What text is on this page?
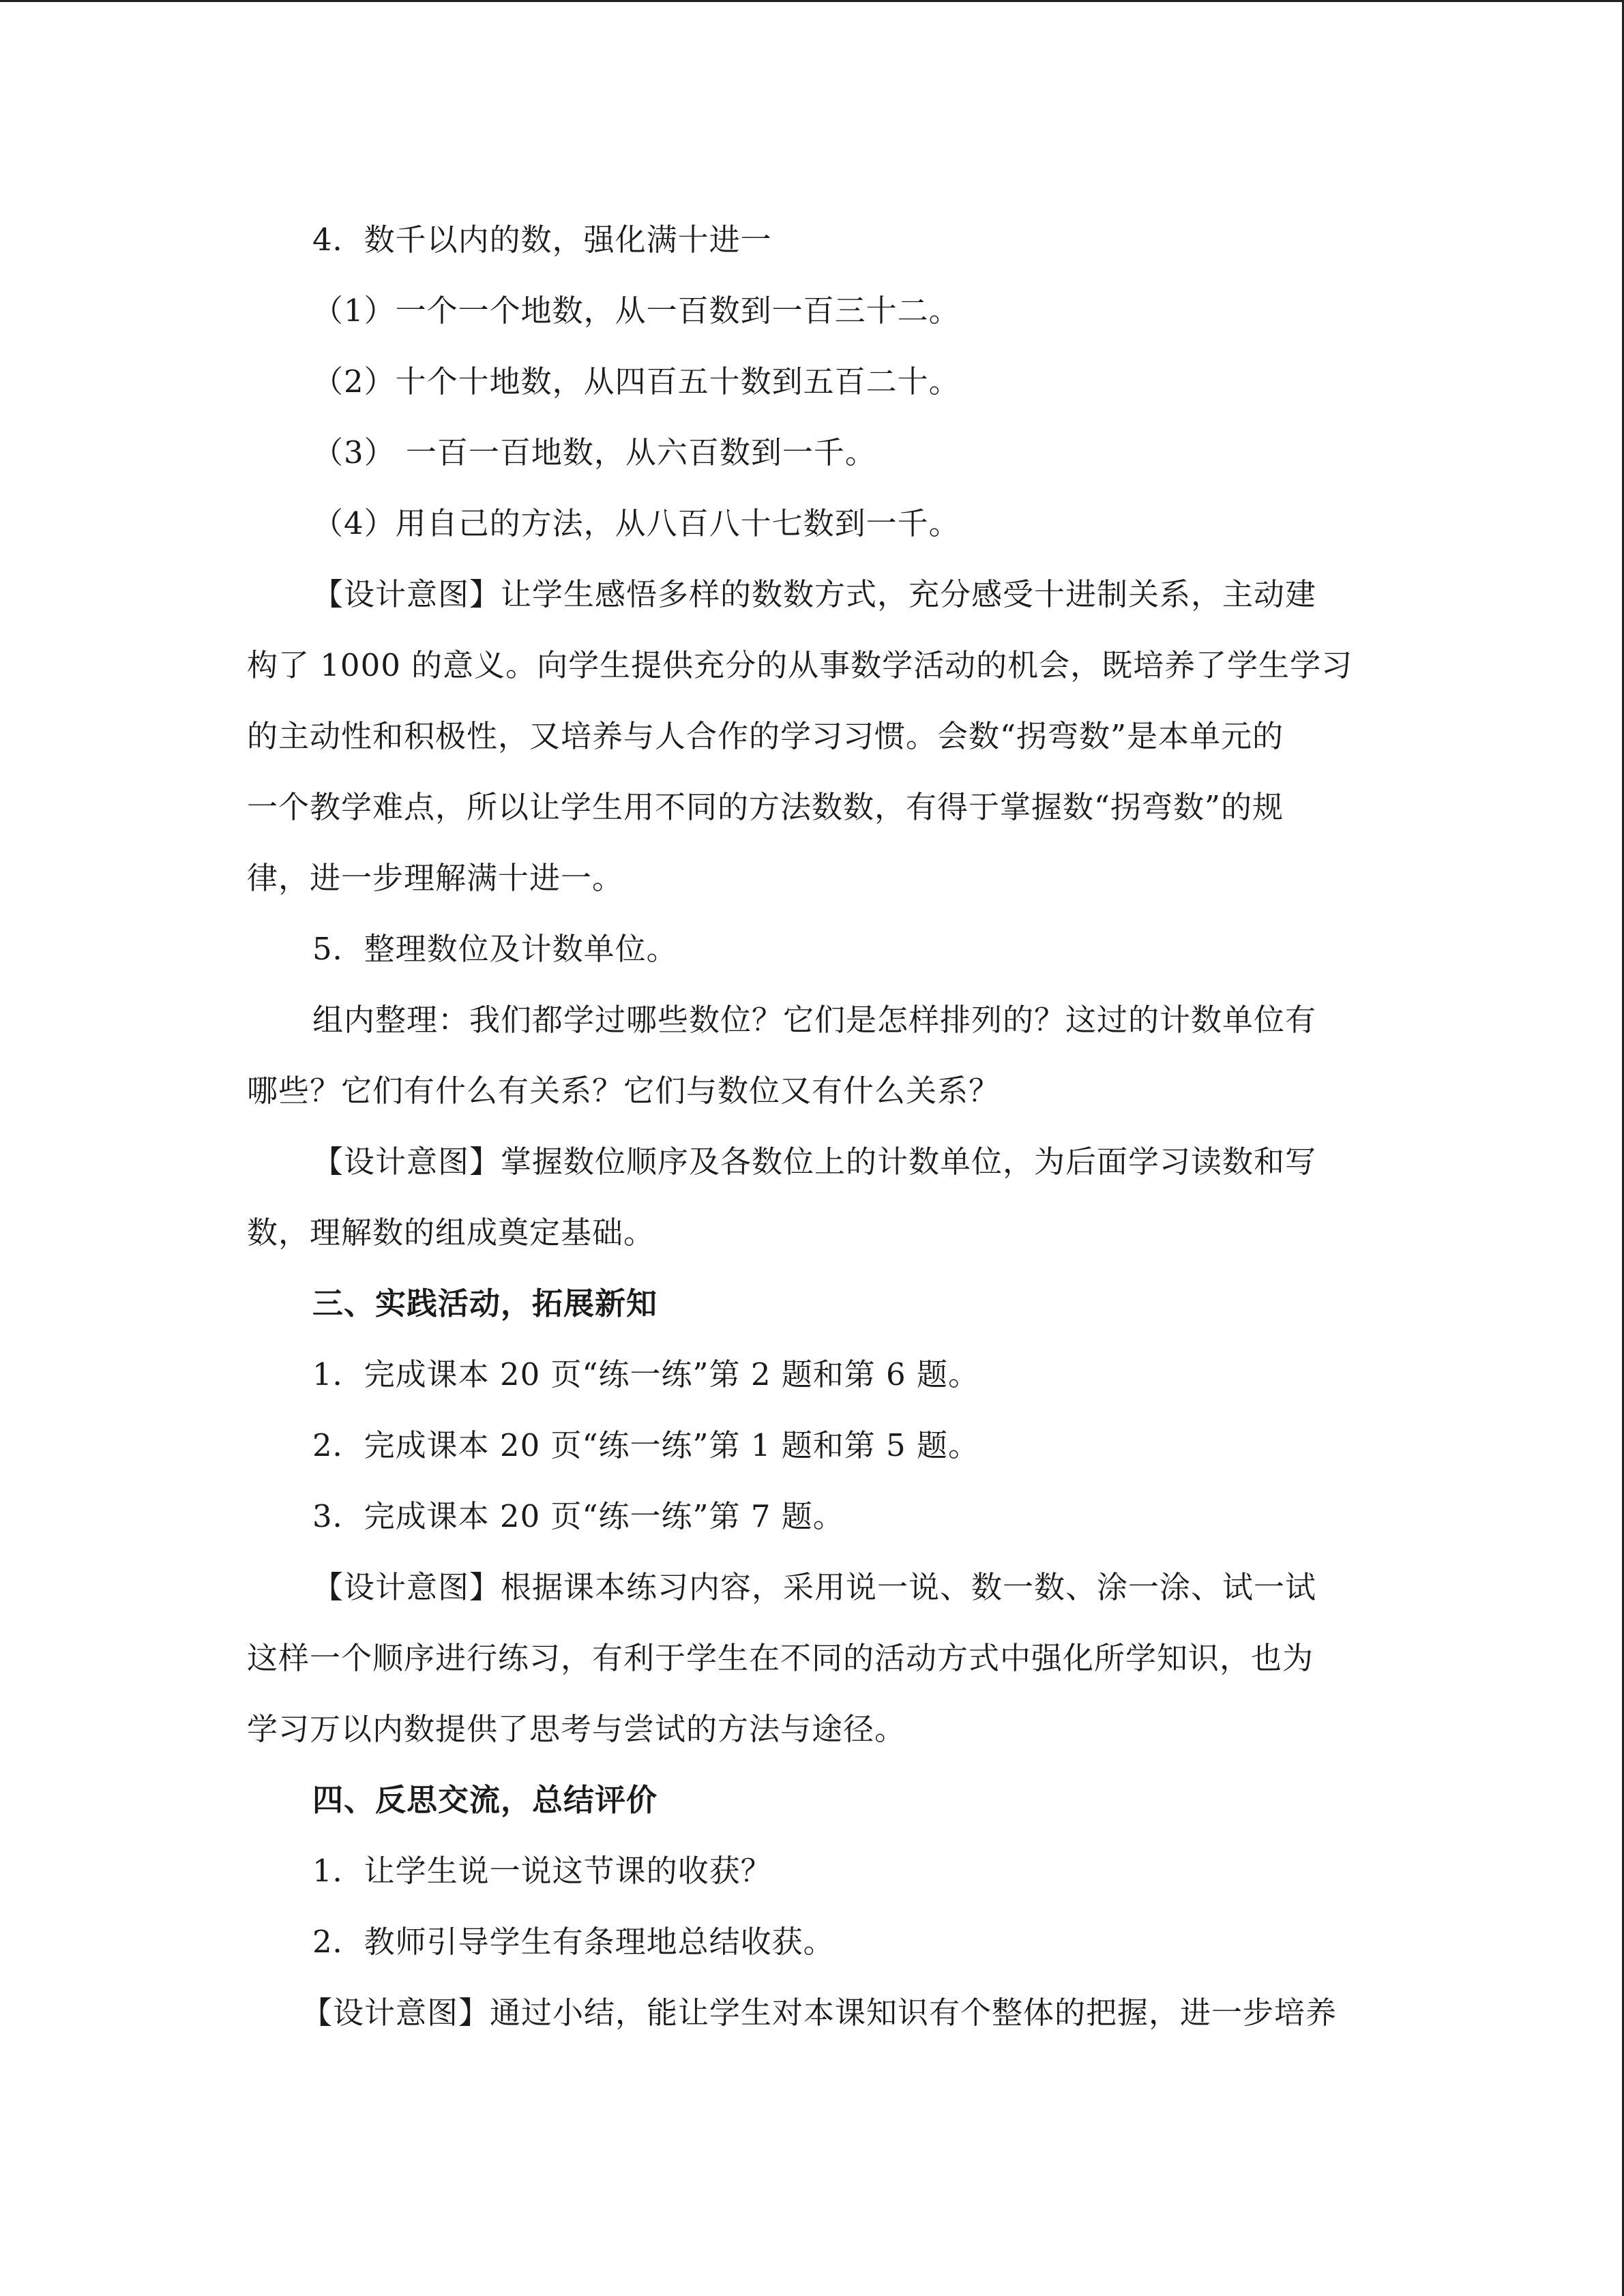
4．数千以内的数，强化满十进一
（1）一个一个地数，从一百数到一百三十二。
（2）十个十地数，从四百五十数到五百二十。
（3） 一百一百地数，从六百数到一千。
（4）用自己的方法，从八百八十七数到一千。
【设计意图】让学生感悟多样的数数方式，充分感受十进制关系，主动建
构了 1000 的意义。向学生提供充分的从事数学活动的机会，既培养了学生学习
的主动性和积极性，又培养与人合作的学习习惯。会数“拐弯数”是本单元的
一个教学难点，所以让学生用不同的方法数数，有得于掌握数“拐弯数”的规
律，进一步理解满十进一。
5．整理数位及计数单位。
组内整理：我们都学过哪些数位？它们是怎样排列的？这过的计数单位有
哪些？它们有什么有关系？它们与数位又有什么关系？
【设计意图】掌握数位顺序及各数位上的计数单位，为后面学习读数和写
数，理解数的组成奠定基础。
三、实践活动，拓展新知
1．完成课本 20 页“练一练”第 2 题和第 6 题。
2．完成课本 20 页“练一练”第 1 题和第 5 题。
3．完成课本 20 页“练一练”第 7 题。
【设计意图】根据课本练习内容，采用说一说、数一数、涂一涂、试一试
这样一个顺序进行练习，有利于学生在不同的活动方式中强化所学知识，也为
学习万以内数提供了思考与尝试的方法与途径。
四、反思交流，总结评价
1．让学生说一说这节课的收获？
2．教师引导学生有条理地总结收获。
【设计意图】通过小结，能让学生对本课知识有个整体的把握，进一步培养
